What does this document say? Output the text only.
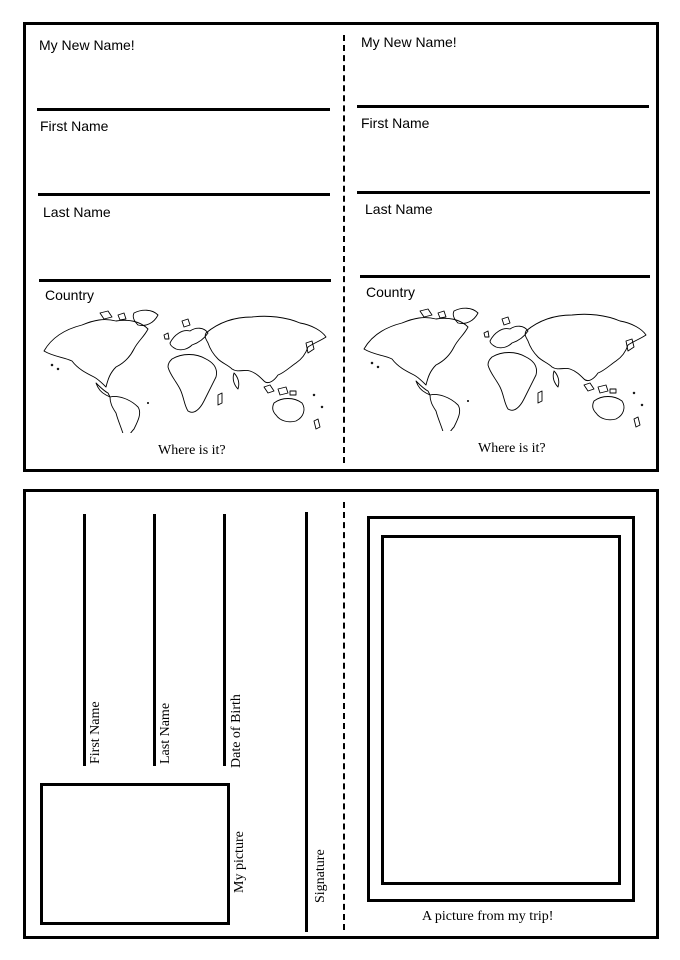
My New Name!
First Name
Last Name
Country
Where is it?
My New Name!
First Name
Last Name
Country
Where is it?
First Name	Last Name	Date of Birth
My picture	Signature
A picture from my trip!
